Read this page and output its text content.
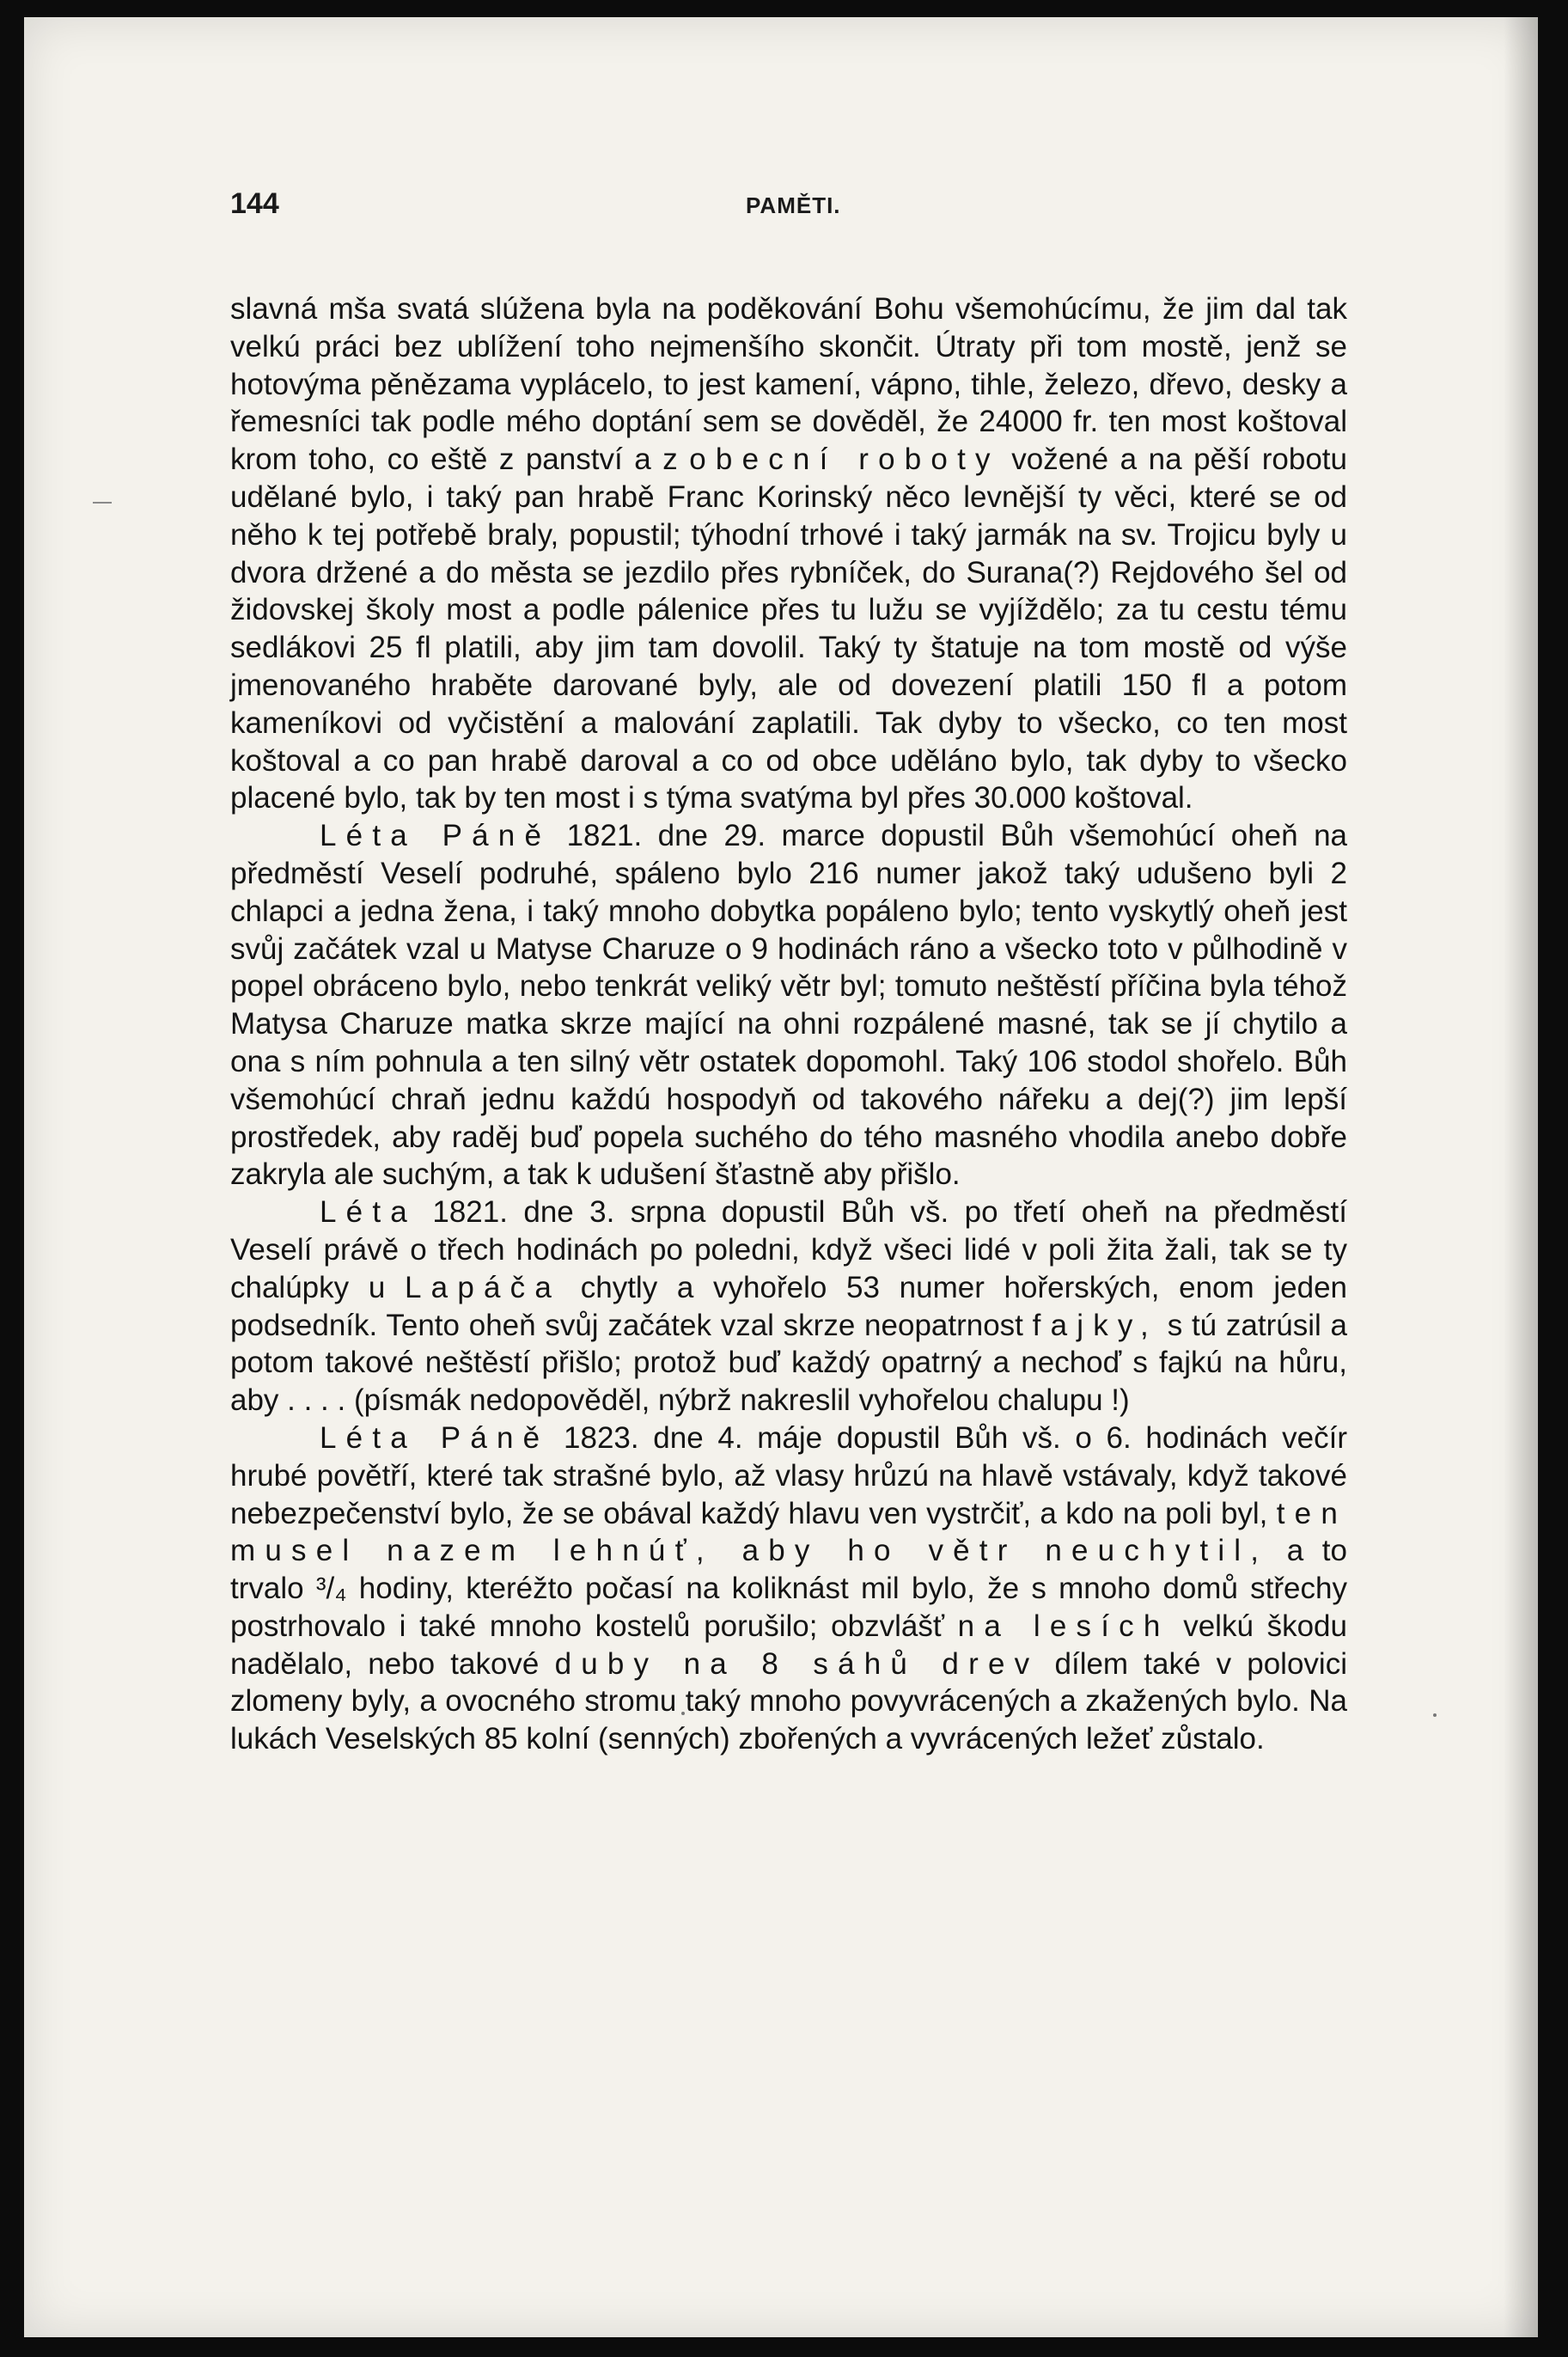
144	PAMĚTI.

slavná mša svatá slúžena byla na poděkování Bohu všemohúcímu, že jim dal tak velkú práci bez ublížení toho nejmenšího skončit. Útraty při tom mostě, jenž se hotovýma pěnězama vyplácelo, to jest kamení, vápno, tihle, železo, dřevo, desky a řemesníci tak podle mého doptání sem se dověděl, že 24000 fr. ten most koštoval krom toho, co eště z panství a z obecní roboty vožené a na pěší robotu udělané bylo, i taký pan hrabě Franc Korinský něco levnější ty věci, které se od něho k tej potřebě braly, popustil; týhodní trhové i taký jarmák na sv. Trojicu byly u dvora držené a do města se jezdilo přes rybníček, do Surana(?) Rejdového šel od židovskej školy most a podle pálenice přes tu lužu se vyjíždělo; za tu cestu tému sedlákovi 25 fl platili, aby jim tam dovolil. Taký ty štatuje na tom mostě od výše jmenovaného hraběte darované byly, ale od dovezení platili 150 fl a potom kameníkovi od vyčistění a malování zaplatili. Tak dyby to všecko, co ten most koštoval a co pan hrabě daroval a co od obce uděláno bylo, tak dyby to všecko placené bylo, tak by ten most i s týma svatýma byl přes 30.000 koštoval.

Léta Páně 1821. dne 29. marce dopustil Bůh všemohúcí oheň na předměstí Veselí podruhé, spáleno bylo 216 numer jakož taký udušeno byli 2 chlapci a jedna žena, i taký mnoho dobytka popáleno bylo; tento vyskytlý oheň jest svůj začátek vzal u Matyse Charuze o 9 hodinách ráno a všecko toto v půlhodině v popel obráceno bylo, nebo tenkrát veliký větr byl; tomuto neštěstí příčina byla téhož Matysa Charuze matka skrze mající na ohni rozpálené masné, tak se jí chytilo a ona s ním pohnula a ten silný větr ostatek dopomohl. Taký 106 stodol shořelo. Bůh všemohúcí chraň jednu každú hospodyň od takového nářeku a dej(?) jim lepší prostředek, aby raděj buď popela suchého do tého masného vhodila anebo dobře zakryla ale suchým, a tak k udušení šťastně aby přišlo.

Léta 1821. dne 3. srpna dopustil Bůh vš. po třetí oheň na předměstí Veselí právě o třech hodinách po poledni, když všeci lidé v poli žita žali, tak se ty chalúpky u Lapáča chytly a vyhořelo 53 numer hořerských, enom jeden podsedník. Tento oheň svůj začátek vzal skrze neopatrnost fajky, s tú zatrúsil a potom takové neštěstí přišlo; protož buď každý opatrný a nechoď s fajkú na hůru, aby . . . . (písmák nedopověděl, nýbrž nakreslil vyhořelou chalupu !)

Léta Páně 1823. dne 4. máje dopustil Bůh vš. o 6. hodinách večír hrubé povětří, které tak strašné bylo, až vlasy hrůzú na hlavě vstávaly, když takové nebezpečenství bylo, že se obával každý hlavu ven vystrčiť, a kdo na poli byl, ten musel nazem lehnúť, aby ho větr neuchytil, a to trvalo ³/₄ hodiny, kteréžto počasí na koliknást mil bylo, že s mnoho domů střechy postrhovalo i také mnoho kostelů porušilo; obzvlášť na lesích velkú škodu nadělalo, nebo takové duby na 8 sáhů drev dílem také v polovici zlomeny byly, a ovocného stromu taký mnoho povyvrácených a zkažených bylo. Na lukách Veselských 85 kolní (senných) zbořených a vyvrácených ležeť zůstalo.
